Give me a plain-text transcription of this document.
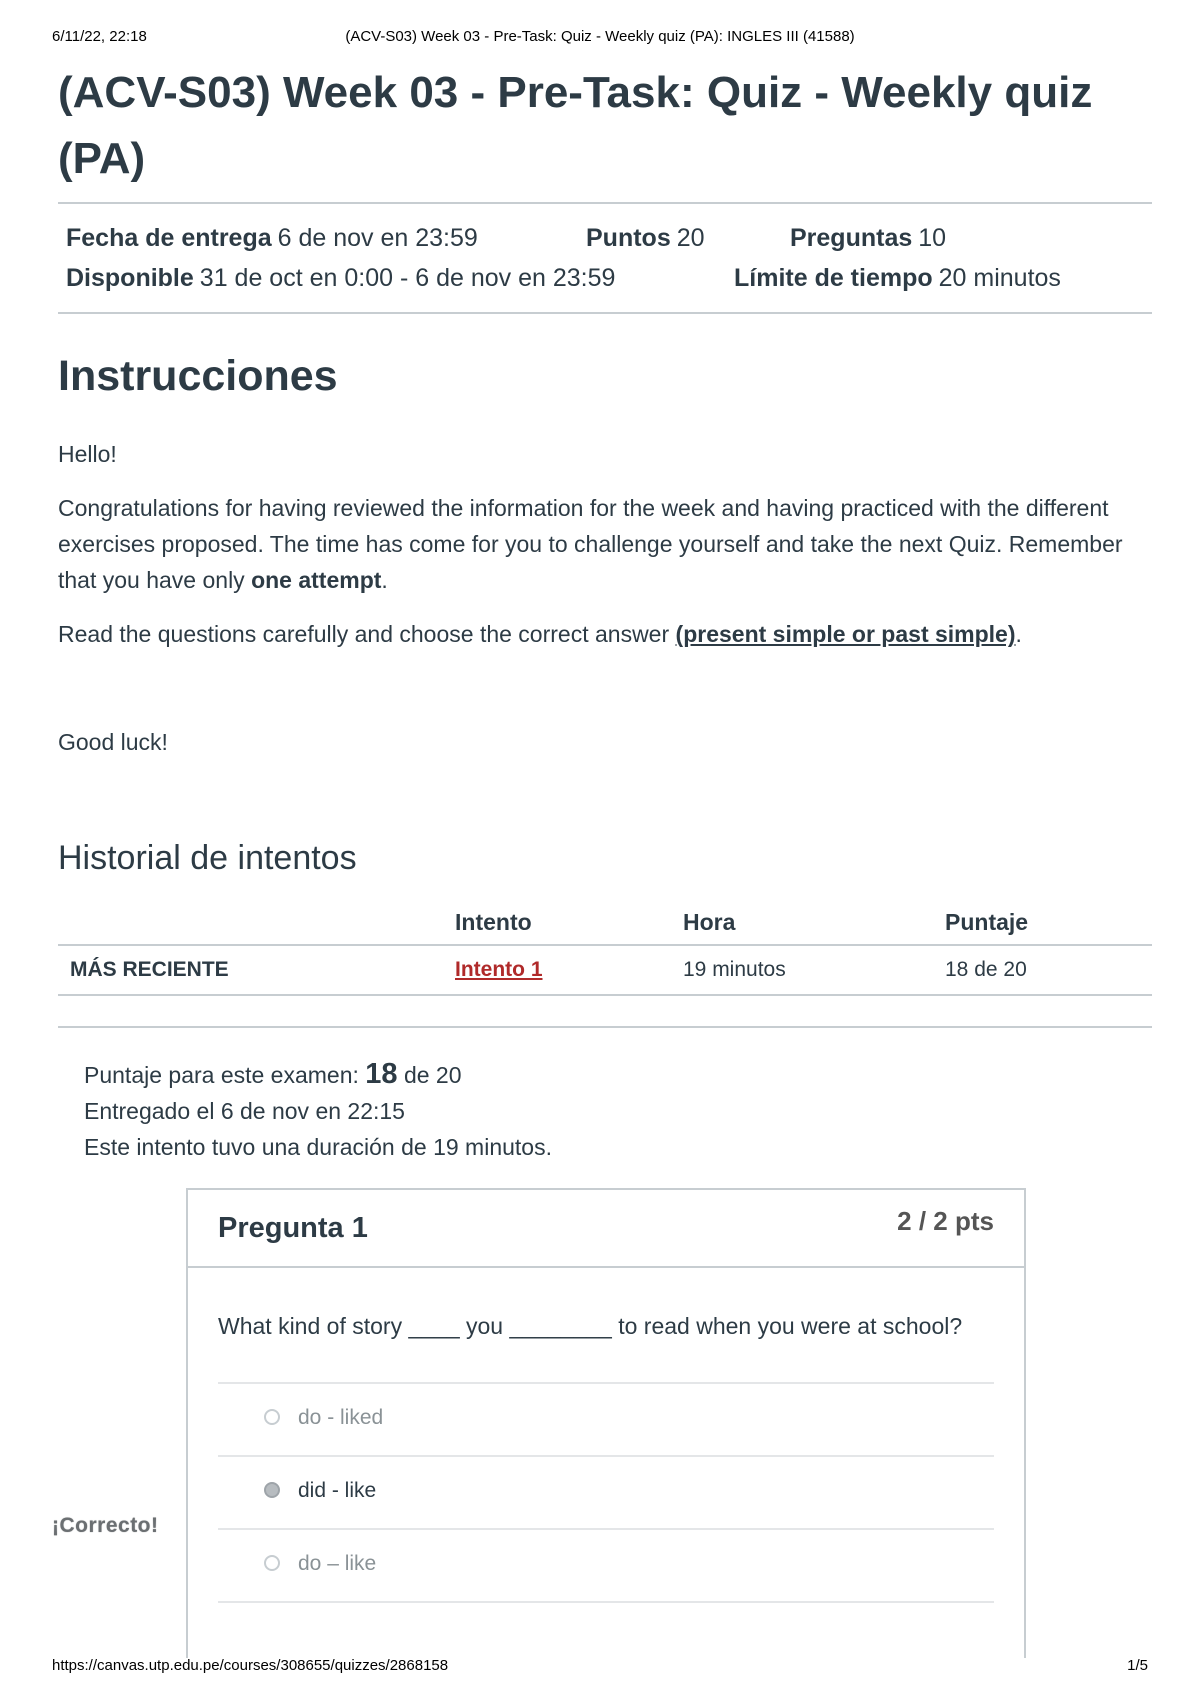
6/11/22, 22:18	(ACV-S03) Week 03 - Pre-Task: Quiz - Weekly quiz (PA): INGLES III (41588)
(ACV-S03) Week 03 - Pre-Task: Quiz - Weekly quiz (PA)
Fecha de entrega 6 de nov en 23:59	Puntos 20	Preguntas 10
Disponible 31 de oct en 0:00 - 6 de nov en 23:59	Límite de tiempo 20 minutos
Instrucciones

Hello!

Congratulations for having reviewed the information for the week and having practiced with the different exercises proposed. The time has come for you to challenge yourself and take the next Quiz. Remember that you have only one attempt.

Read the questions carefully and choose the correct answer (present simple or past simple).

Good luck!

Historial de intentos
	Intento	Hora	Puntaje
MÁS RECIENTE	Intento 1	19 minutos	18 de 20
Puntaje para este examen: 18 de 20
Entregado el 6 de nov en 22:15
Este intento tuvo una duración de 19 minutos.
¡Correcto!
Pregunta 1	2 / 2 pts

What kind of story ____ you ________ to read when you were at school?

do - liked
did - like
do – like
https://canvas.utp.edu.pe/courses/308655/quizzes/2868158	1/5
